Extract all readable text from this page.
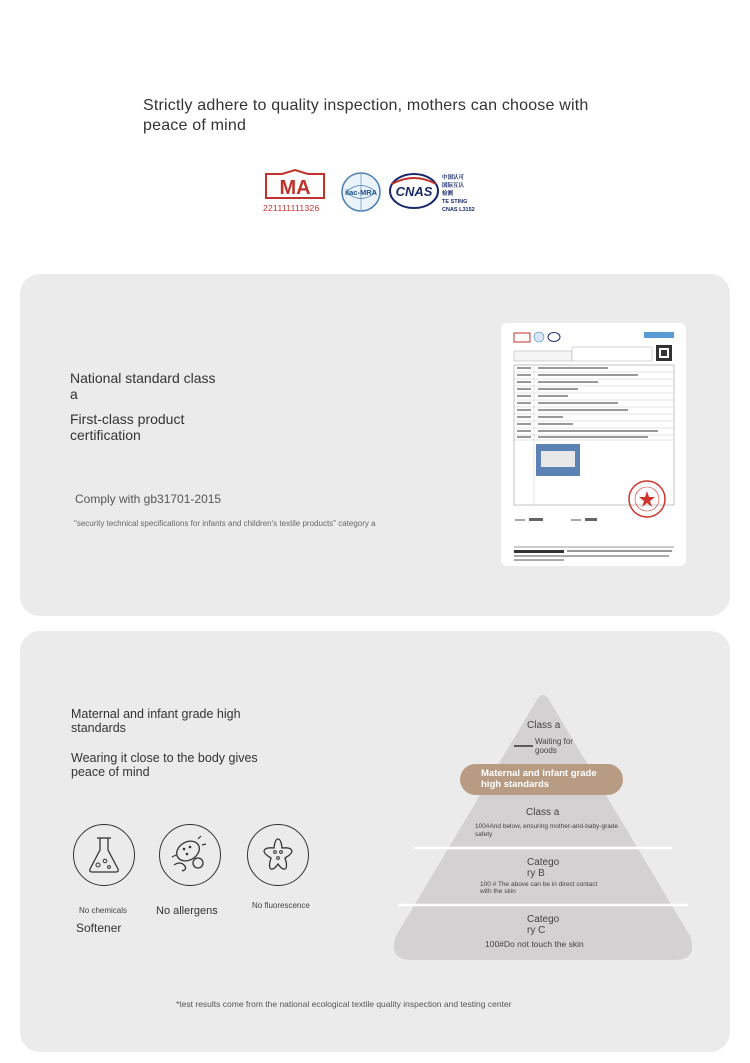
Strictly adhere to quality inspection, mothers can choose with peace of mind
MA
221111111326
ilac-MRA CNAS
中国认可
国际互认
检测
TE STING
CNAS L3152
National standard class a
First-class product certification
Comply with gb31701-2015
"security technical specifications for infants and children's textile products" category a
Maternal and infant grade high standards
Wearing it close to the body gives peace of mind
No chemicals
Softener
No allergens	No fluorescence
Class a
Waiting for goods
Maternal and infant grade high standards
Class a
100#And below, ensuring mother-and-baby-grade safety
Catego ry B
100 # The above can be in direct contact with the skin
Catego ry C
100#Do not touch the skin
*test results come from the national ecological textile quality inspection and testing center
